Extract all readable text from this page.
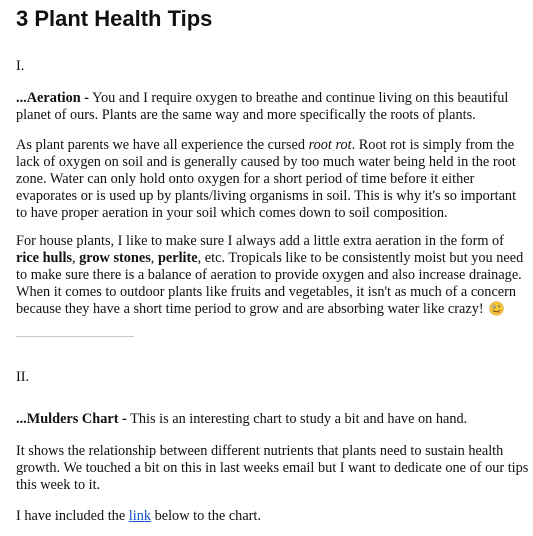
3 Plant Health Tips

I.

...Aeration - You and I require oxygen to breathe and continue living on this beautiful planet of ours. Plants are the same way and more specifically the roots of plants.

As plant parents we have all experience the cursed root rot. Root rot is simply from the lack of oxygen on soil and is generally caused by too much water being held in the root zone. Water can only hold onto oxygen for a short period of time before it either evaporates or is used up by plants/living organisms in soil. This is why it's so important to have proper aeration in your soil which comes down to soil composition.

For house plants, I like to make sure I always add a little extra aeration in the form of rice hulls, grow stones, perlite, etc. Tropicals like to be consistently moist but you need to make sure there is a balance of aeration to provide oxygen and also increase drainage. When it comes to outdoor plants like fruits and vegetables, it isn't as much of a concern because they have a short time period to grow and are absorbing water like crazy!

II.

...Mulders Chart - This is an interesting chart to study a bit and have on hand.

It shows the relationship between different nutrients that plants need to sustain health growth. We touched a bit on this in last weeks email but I want to dedicate one of our tips this week to it.

I have included the link below to the chart.
